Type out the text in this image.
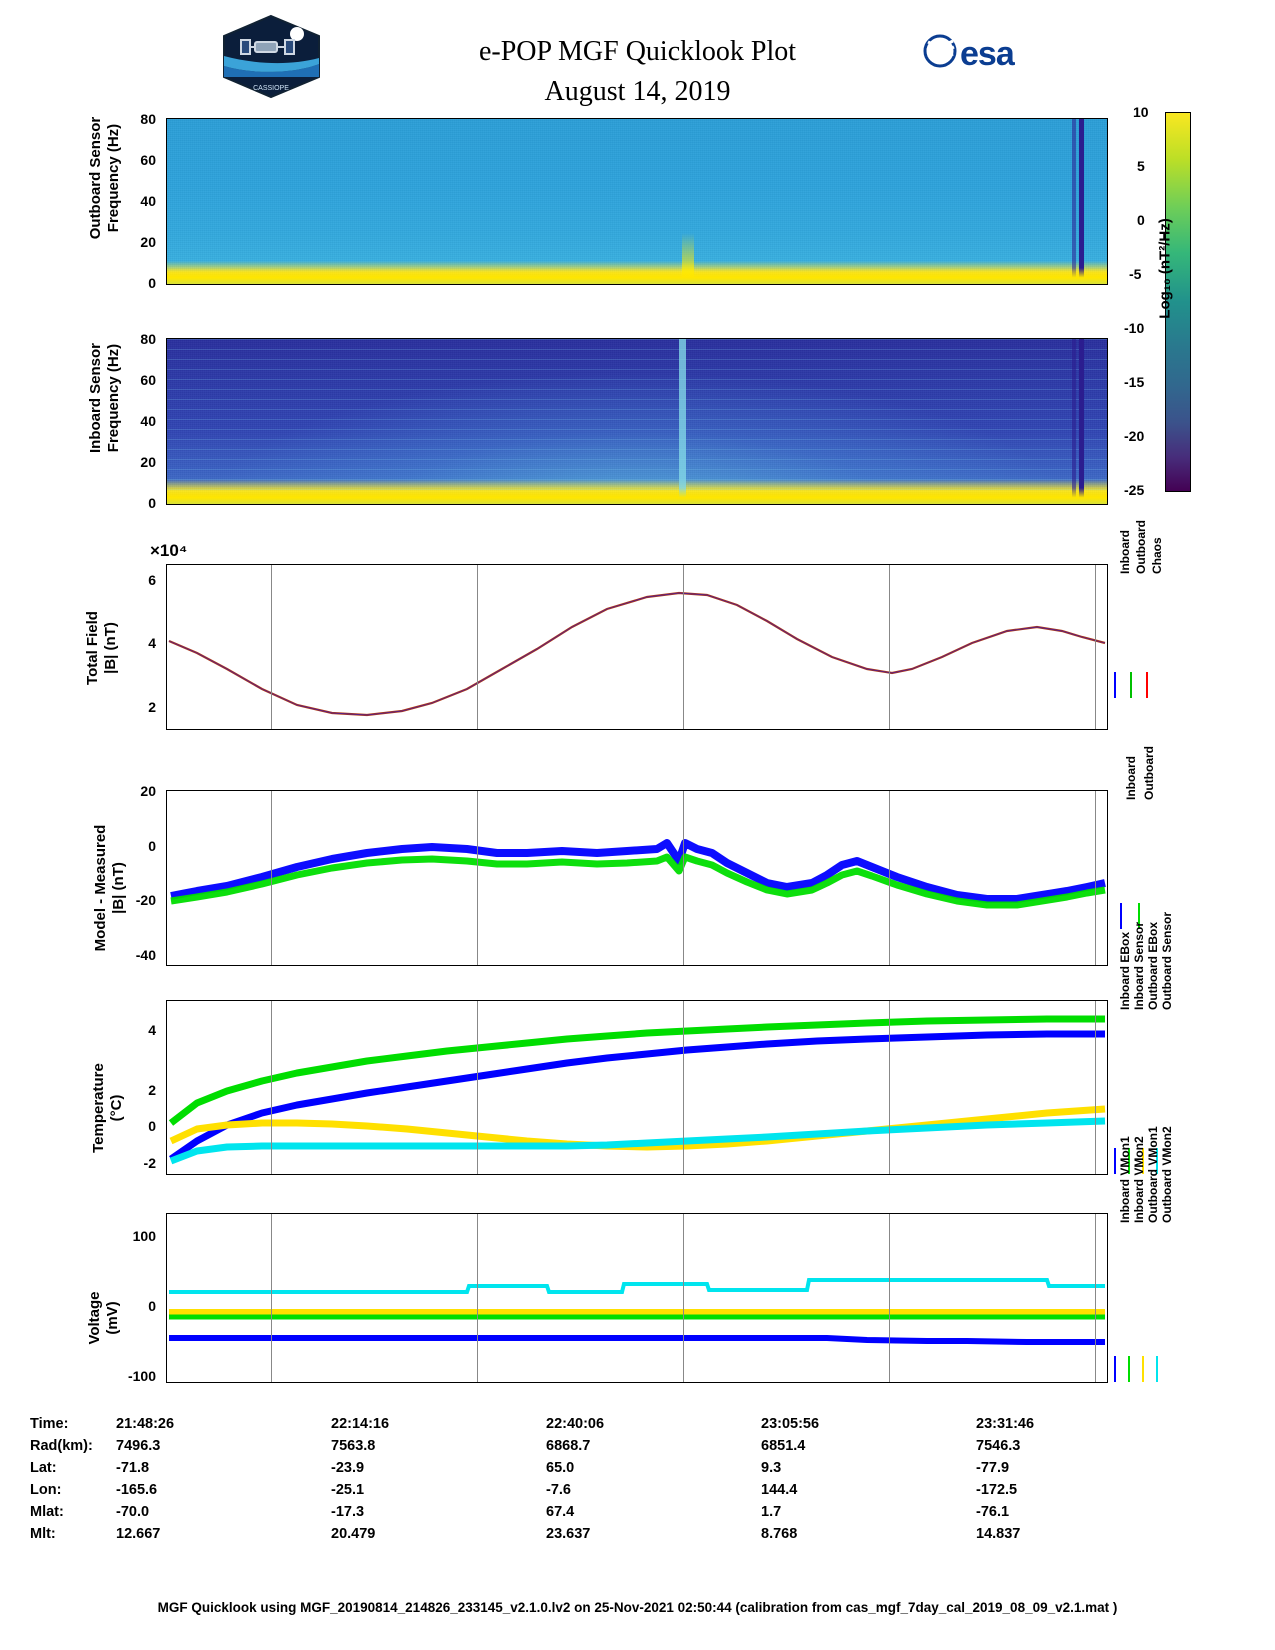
CASSIOPE
esa
e-POP MGF Quicklook Plot
August 14, 2019
10
5
0
-5
-10
-15
-20
-25
Log₁₀ (nT²/Hz)
Outboard Sensor
Frequency (Hz)
80
60
40
20
0
Inboard Sensor
Frequency (Hz)
80
60
40
20
0
Total Field
|B| (nT)
×10⁴
6
4
2
Inboard Outboard Chaos
Model - Measured
|B| (nT)
20
0
-20
-40
Inboard Outboard
Temperature
(°C)
4
2
0
-2
Inboard EBox Inboard Sensor Outboard EBox Outboard Sensor
Voltage
(mV)
100
0
-100
Inboard VMon1 Inboard VMon2 Outboard VMon1 Outboard VMon2
Time:	21:48:26	22:14:16	22:40:06	23:05:56	23:31:46
Rad(km):	7496.3	7563.8	6868.7	6851.4	7546.3
Lat:	-71.8	-23.9	65.0	9.3	-77.9
Lon:	-165.6	-25.1	-7.6	144.4	-172.5
Mlat:	-70.0	-17.3	67.4	1.7	-76.1
Mlt:	12.667	20.479	23.637	8.768	14.837
MGF Quicklook using MGF_20190814_214826_233145_v2.1.0.lv2 on 25-Nov-2021 02:50:44 (calibration from cas_mgf_7day_cal_2019_08_09_v2.1.mat )
